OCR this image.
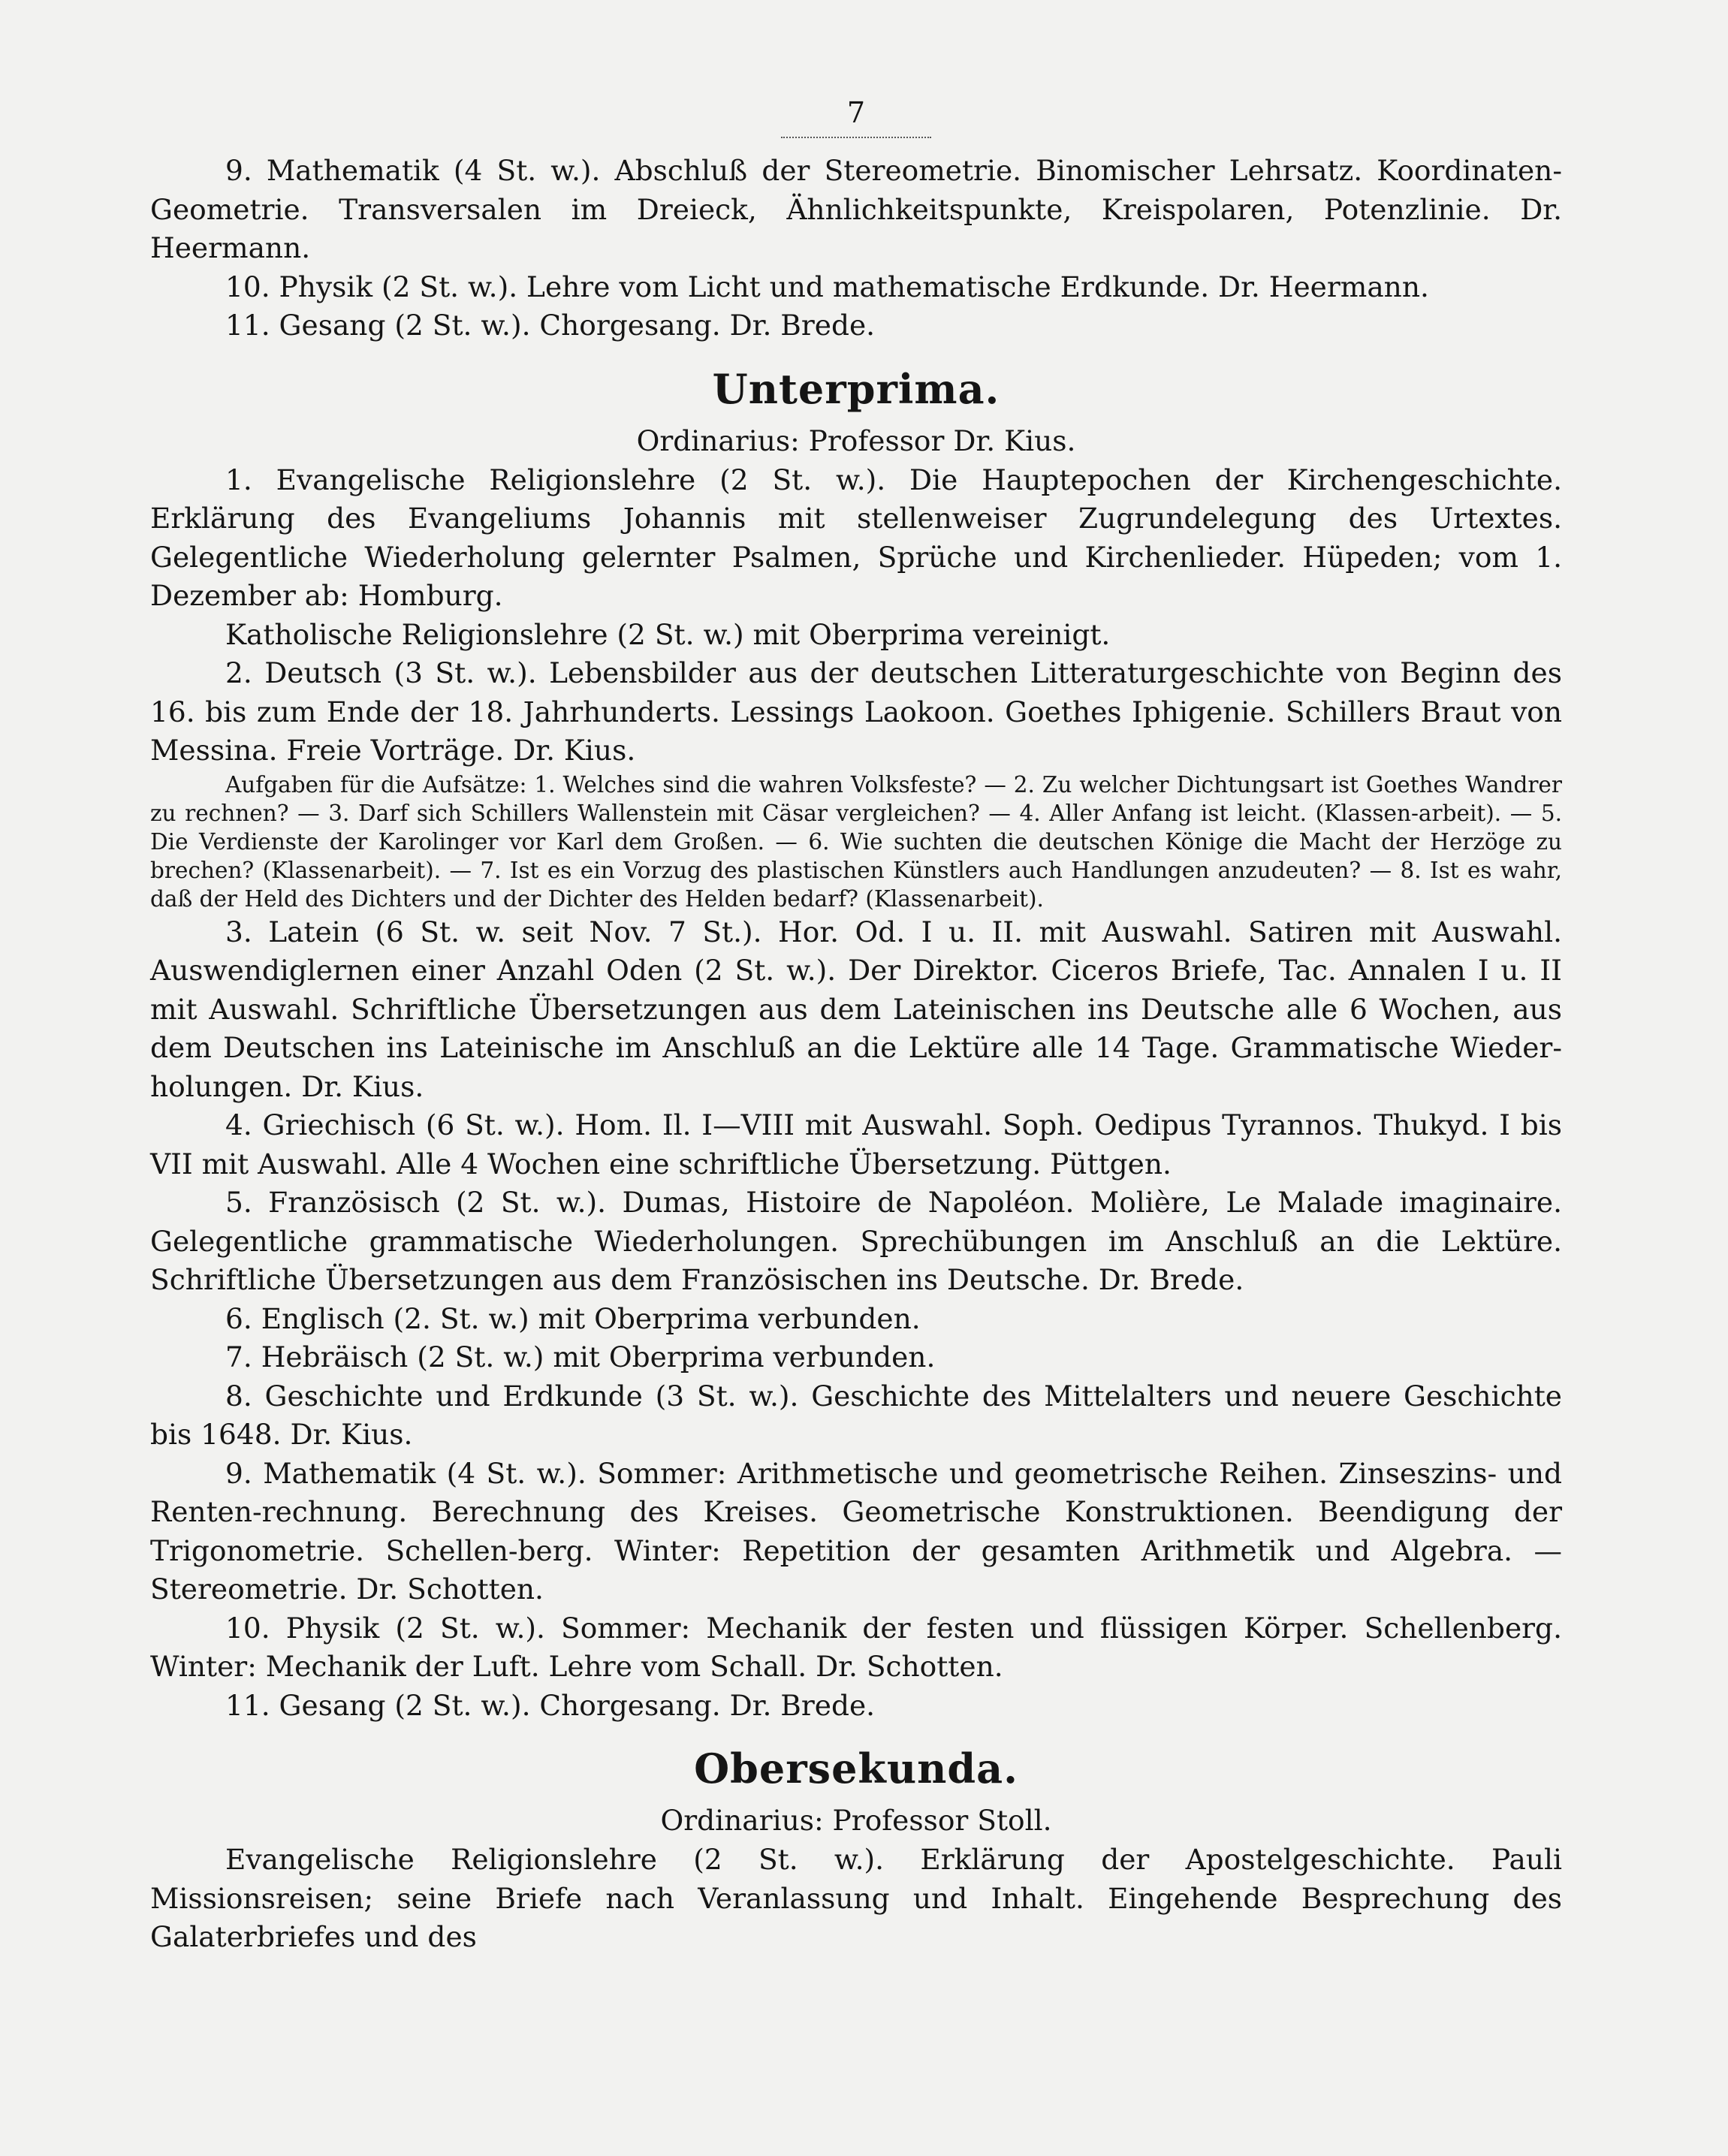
7

9. Mathematik (4 St. w.). Abschluß der Stereometrie. Binomischer Lehrsatz. Koordinaten-Geometrie. Transversalen im Dreieck, Ähnlichkeitspunkte, Kreispolaren, Potenzlinie. Dr. Heermann.

10. Physik (2 St. w.). Lehre vom Licht und mathematische Erdkunde. Dr. Heermann.

11. Gesang (2 St. w.). Chorgesang. Dr. Brede.

Unterprima.
Ordinarius: Professor Dr. Kius.

1. Evangelische Religionslehre (2 St. w.). Die Hauptepochen der Kirchengeschichte. Erklärung des Evangeliums Johannis mit stellenweiser Zugrundelegung des Urtextes. Gelegentliche Wiederholung gelernter Psalmen, Sprüche und Kirchenlieder. Hüpeden; vom 1. Dezember ab: Homburg.

Katholische Religionslehre (2 St. w.) mit Oberprima vereinigt.

2. Deutsch (3 St. w.). Lebensbilder aus der deutschen Litteraturgeschichte von Beginn des 16. bis zum Ende der 18. Jahrhunderts. Lessings Laokoon. Goethes Iphigenie. Schillers Braut von Messina. Freie Vorträge. Dr. Kius.

Aufgaben für die Aufsätze: 1. Welches sind die wahren Volksfeste? — 2. Zu welcher Dichtungsart ist Goethes Wandrer zu rechnen? — 3. Darf sich Schillers Wallenstein mit Cäsar vergleichen? — 4. Aller Anfang ist leicht. (Klassen-arbeit). — 5. Die Verdienste der Karolinger vor Karl dem Großen. — 6. Wie suchten die deutschen Könige die Macht der Herzöge zu brechen? (Klassenarbeit). — 7. Ist es ein Vorzug des plastischen Künstlers auch Handlungen anzudeuten? — 8. Ist es wahr, daß der Held des Dichters und der Dichter des Helden bedarf? (Klassenarbeit).

3. Latein (6 St. w. seit Nov. 7 St.). Hor. Od. I u. II. mit Auswahl. Satiren mit Auswahl. Auswendiglernen einer Anzahl Oden (2 St. w.). Der Direktor. Ciceros Briefe, Tac. Annalen I u. II mit Auswahl. Schriftliche Übersetzungen aus dem Lateinischen ins Deutsche alle 6 Wochen, aus dem Deutschen ins Lateinische im Anschluß an die Lektüre alle 14 Tage. Grammatische Wieder-holungen. Dr. Kius.

4. Griechisch (6 St. w.). Hom. Il. I—VIII mit Auswahl. Soph. Oedipus Tyrannos. Thukyd. I bis VII mit Auswahl. Alle 4 Wochen eine schriftliche Übersetzung. Püttgen.

5. Französisch (2 St. w.). Dumas, Histoire de Napoléon. Molière, Le Malade imaginaire. Gelegentliche grammatische Wiederholungen. Sprechübungen im Anschluß an die Lektüre. Schriftliche Übersetzungen aus dem Französischen ins Deutsche. Dr. Brede.

6. Englisch (2. St. w.) mit Oberprima verbunden.

7. Hebräisch (2 St. w.) mit Oberprima verbunden.

8. Geschichte und Erdkunde (3 St. w.). Geschichte des Mittelalters und neuere Geschichte bis 1648. Dr. Kius.

9. Mathematik (4 St. w.). Sommer: Arithmetische und geometrische Reihen. Zinseszins- und Renten-rechnung. Berechnung des Kreises. Geometrische Konstruktionen. Beendigung der Trigonometrie. Schellen-berg. Winter: Repetition der gesamten Arithmetik und Algebra. — Stereometrie. Dr. Schotten.

10. Physik (2 St. w.). Sommer: Mechanik der festen und flüssigen Körper. Schellenberg. Winter: Mechanik der Luft. Lehre vom Schall. Dr. Schotten.

11. Gesang (2 St. w.). Chorgesang. Dr. Brede.

Obersekunda.
Ordinarius: Professor Stoll.

Evangelische Religionslehre (2 St. w.). Erklärung der Apostelgeschichte. Pauli Missionsreisen; seine Briefe nach Veranlassung und Inhalt. Eingehende Besprechung des Galaterbriefes und des
